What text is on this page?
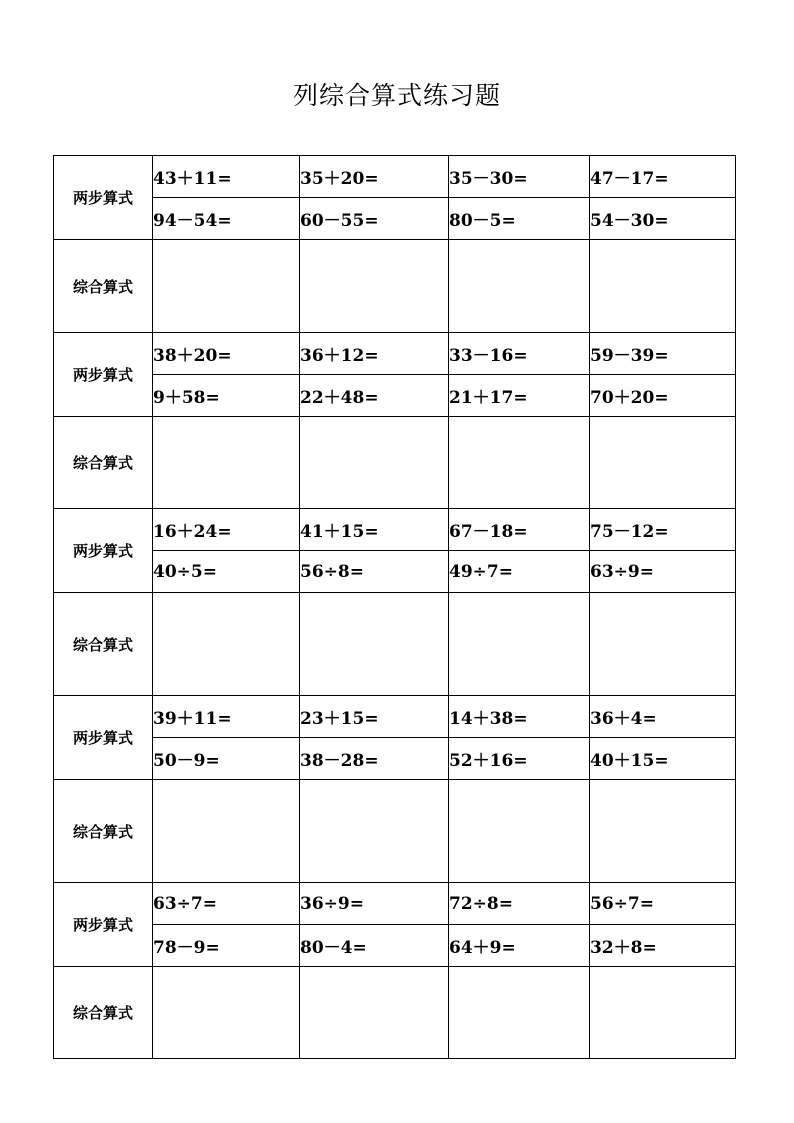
列综合算式练习题
两步算式	43＋11=	35＋20=	35－30=	47－17=
	94－54=	60－55=	80－5=	54－30=
综合算式				
两步算式	38＋20=	36＋12=	33－16=	59－39=
	9＋58=	22＋48=	21＋17=	70＋20=
综合算式				
两步算式	16＋24=	41＋15=	67－18=	75－12=
	40÷5=	56÷8=	49÷7=	63÷9=
综合算式				
两步算式	39＋11=	23＋15=	14＋38=	36＋4=
	50－9=	38－28=	52＋16=	40＋15=
综合算式				
两步算式	63÷7=	36÷9=	72÷8=	56÷7=
	78－9=	80－4=	64＋9=	32＋8=
综合算式				
